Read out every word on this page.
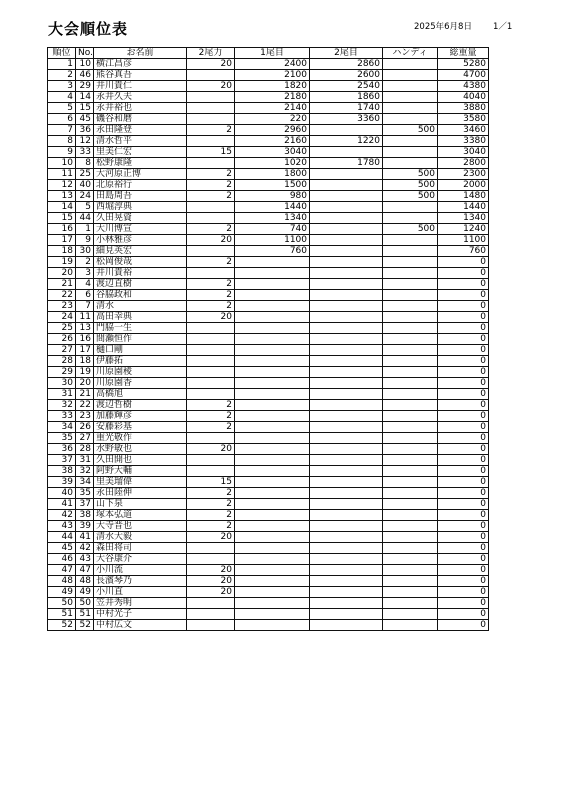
大会順位表	2025年6月8日 1／1
順位	No.	お名前	2尾力	1尾目	2尾目	ハンディ	総重量
1	10	横江昌彦	20	2400	2860		5280
2	46	熊谷真吾		2100	2600		4700
3	29	井川貴仁	20	1820	2540		4380
4	14	永井久夫		2180	1860		4040
5	15	永井裕也		2140	1740		3880
6	45	磯谷和磨		220	3360		3580
7	36	永田隆登	2	2960		500	3460
8	12	清水哲平		2160	1220		3380
9	33	里美仁宏	15	3040			3040
10	8	松野康隆		1020	1780		2800
11	25	大河原正博	2	1800		500	2300
12	40	北原裕行	2	1500		500	2000
13	24	田島周吾	2	980		500	1480
14	5	西堀淳典		1440			1440
15	44	久田晃資		1340			1340
16	1	大川博宣	2	740		500	1240
17	9	小林雅彦	20	1100			1100
18	30	細見英宏		760			760
19	2	松岡俊哉	2				0
20	3	井川貴裕					0
21	4	渡辺直樹	2				0
22	6	谷脇政和	2				0
23	7	清水	2				0
24	11	高田幸典	20				0
25	13	門脇一生					0
26	16	間瀬恒作					0
27	17	樋口剛					0
28	18	伊藤拓					0
29	19	川原園稜					0
30	20	川原園香					0
31	21	高橋旭					0
32	22	渡辺哲樹	2				0
33	23	加藤輝彦	2				0
34	26	安藤彩基	2				0
35	27	重光敬作					0
36	28	水野敏也	20				0
37	31	久田開也					0
38	32	阿野大輔					0
39	34	里美瑠偉	15				0
40	35	永田陸伸	2				0
41	37	山下泉	2				0
42	38	塚本弘道	2				0
43	39	大寺晋也	2				0
44	41	清水大毅	20				0
45	42	森田将司					0
46	43	大谷康介					0
47	47	小川流	20				0
48	48	長濱琴乃	20				0
49	49	小川直	20				0
50	50	笠井秀明					0
51	51	中村光子					0
52	52	中村広文					0
